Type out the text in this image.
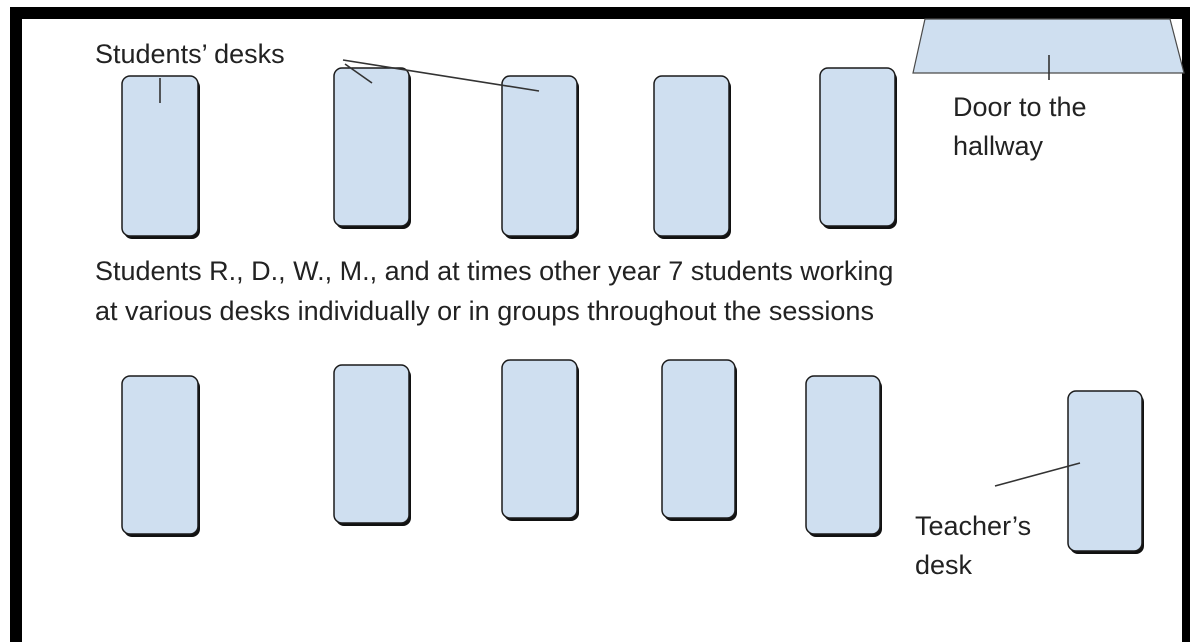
Students’ desks
Door to the
hallway
Students R., D., W., M., and at times other year 7 students working
at various desks individually or in groups throughout the sessions
Teacher’s
desk
